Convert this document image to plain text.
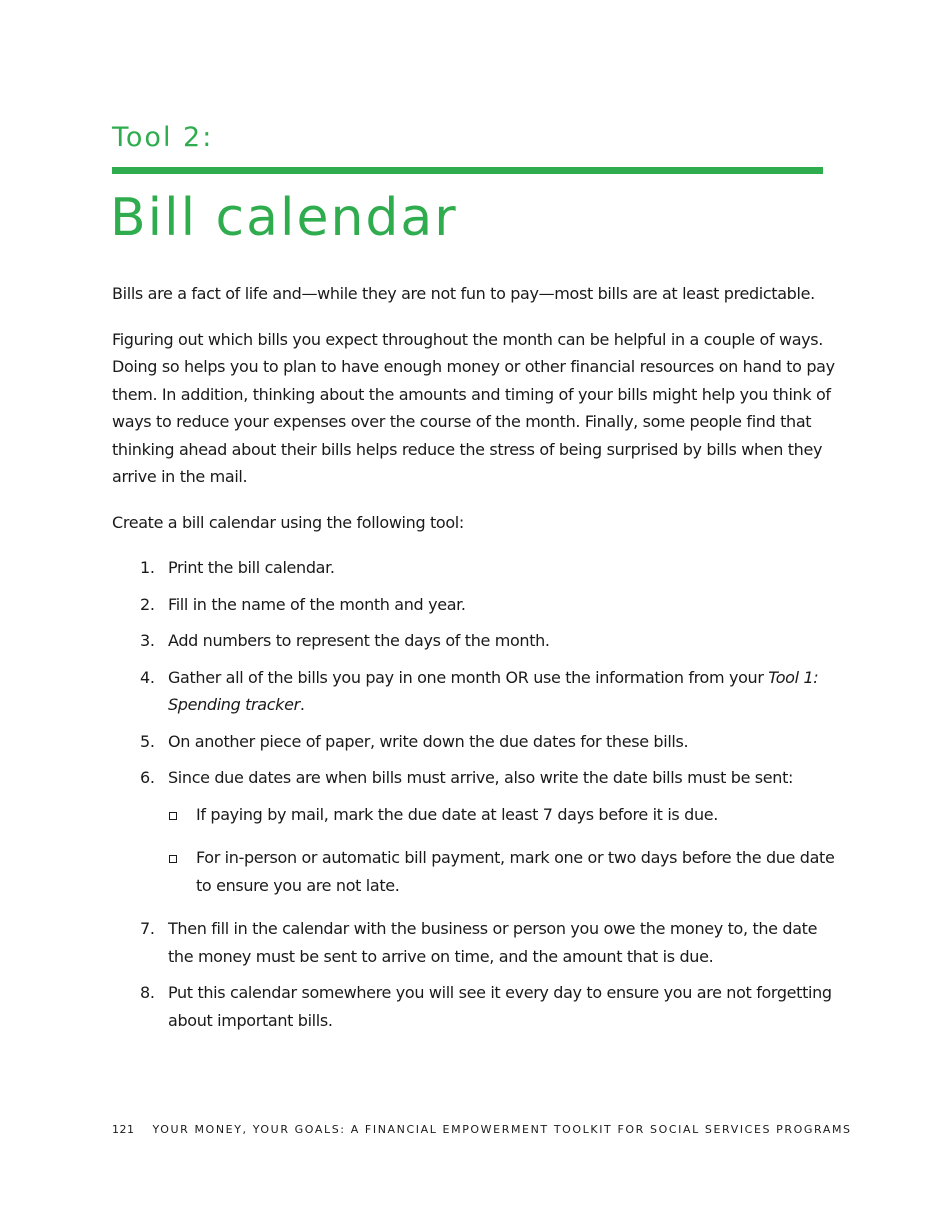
Tool 2:
Bill calendar

Bills are a fact of life and—while they are not fun to pay—most bills are at least predictable.

Figuring out which bills you expect throughout the month can be helpful in a couple of ways. Doing so helps you to plan to have enough money or other financial resources on hand to pay them. In addition, thinking about the amounts and timing of your bills might help you think of ways to reduce your expenses over the course of the month. Finally, some people find that thinking ahead about their bills helps reduce the stress of being surprised by bills when they arrive in the mail.

Create a bill calendar using the following tool:

1. Print the bill calendar.
2. Fill in the name of the month and year.
3. Add numbers to represent the days of the month.
4. Gather all of the bills you pay in one month OR use the information from your Tool 1: Spending tracker.
5. On another piece of paper, write down the due dates for these bills.
6. Since due dates are when bills must arrive, also write the date bills must be sent:
If paying by mail, mark the due date at least 7 days before it is due.
For in-person or automatic bill payment, mark one or two days before the due date to ensure you are not late.
7. Then fill in the calendar with the business or person you owe the money to, the date the money must be sent to arrive on time, and the amount that is due.
8. Put this calendar somewhere you will see it every day to ensure you are not forgetting about important bills.
121 YOUR MONEY, YOUR GOALS: A FINANCIAL EMPOWERMENT TOOLKIT FOR SOCIAL SERVICES PROGRAMS
